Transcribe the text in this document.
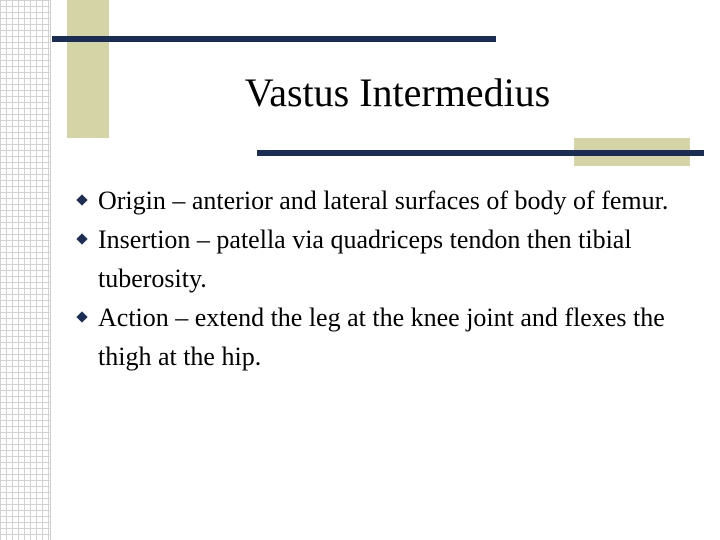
Vastus Intermedius
Origin – anterior and lateral surfaces of body of femur.
Insertion – patella via quadriceps tendon then tibial tuberosity.
Action – extend the leg at the knee joint and flexes the thigh at the hip.
